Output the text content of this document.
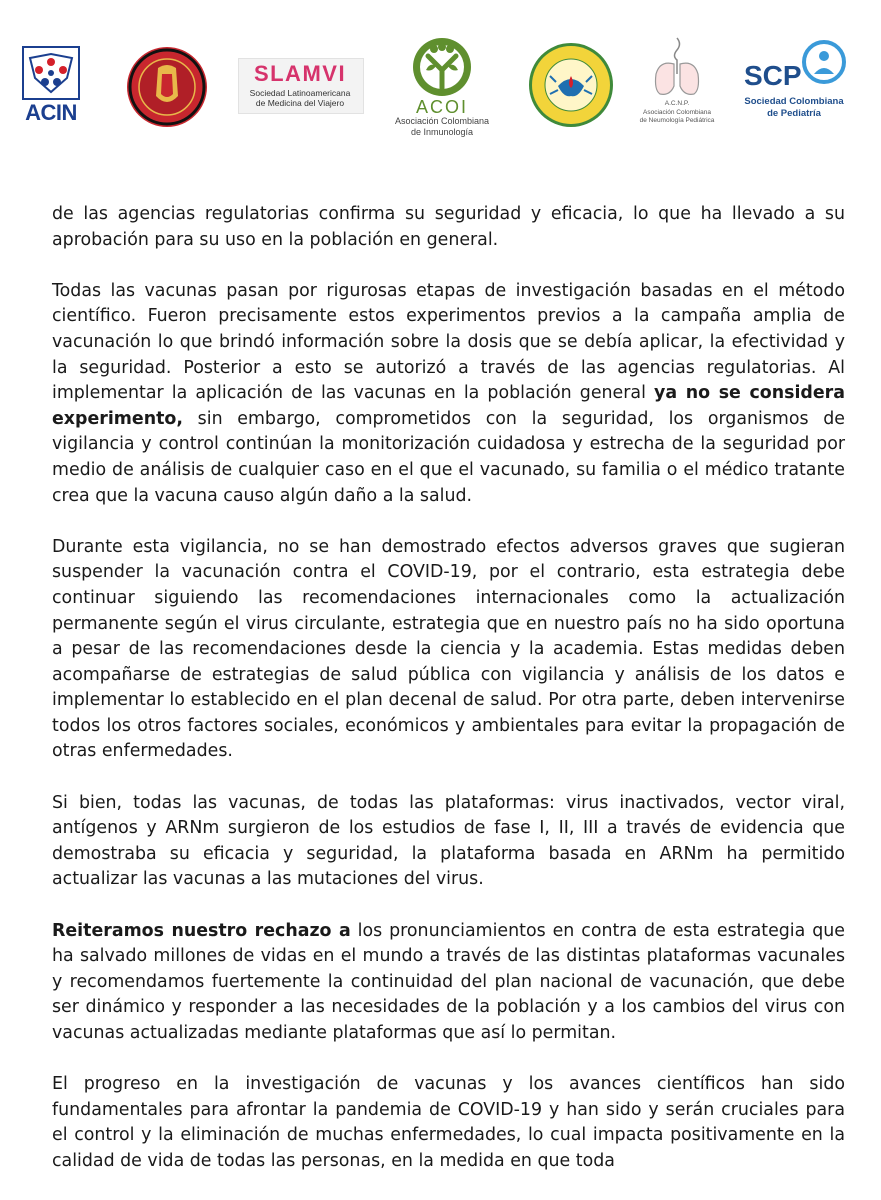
ACIN
SLAMVI
Sociedad Latinoamericana
de Medicina del Viajero	ACOI
Asociación Colombiana
de Inmunología
A.C.N.P.
Asociación Colombiana
de Neumología Pediátrica
SCP
Sociedad Colombiana
de Pediatría

de las agencias regulatorias confirma su seguridad y eficacia, lo que ha llevado a su aprobación para su uso en la población en general.

Todas las vacunas pasan por rigurosas etapas de investigación basadas en el método científico. Fueron precisamente estos experimentos previos a la campaña amplia de vacunación lo que brindó información sobre la dosis que se debía aplicar, la efectividad y la seguridad. Posterior a esto se autorizó a través de las agencias regulatorias. Al implementar la aplicación de las vacunas en la población general ya no se considera experimento, sin embargo, comprometidos con la seguridad, los organismos de vigilancia y control continúan la monitorización cuidadosa y estrecha de la seguridad por medio de análisis de cualquier caso en el que el vacunado, su familia o el médico tratante crea que la vacuna causo algún daño a la salud.

Durante esta vigilancia, no se han demostrado efectos adversos graves que sugieran suspender la vacunación contra el COVID-19, por el contrario, esta estrategia debe continuar siguiendo las recomendaciones internacionales como la actualización permanente según el virus circulante, estrategia que en nuestro país no ha sido oportuna a pesar de las recomendaciones desde la ciencia y la academia. Estas medidas deben acompañarse de estrategias de salud pública con vigilancia y análisis de los datos e implementar lo establecido en el plan decenal de salud. Por otra parte, deben intervenirse todos los otros factores sociales, económicos y ambientales para evitar la propagación de otras enfermedades.

Si bien, todas las vacunas, de todas las plataformas: virus inactivados, vector viral, antígenos y ARNm surgieron de los estudios de fase I, II, III a través de evidencia que demostraba su eficacia y seguridad, la plataforma basada en ARNm ha permitido actualizar las vacunas a las mutaciones del virus.

Reiteramos nuestro rechazo a los pronunciamientos en contra de esta estrategia que ha salvado millones de vidas en el mundo a través de las distintas plataformas vacunales y recomendamos fuertemente la continuidad del plan nacional de vacunación, que debe ser dinámico y responder a las necesidades de la población y a los cambios del virus con vacunas actualizadas mediante plataformas que así lo permitan.

El progreso en la investigación de vacunas y los avances científicos han sido fundamentales para afrontar la pandemia de COVID-19 y han sido y serán cruciales para el control y la eliminación de muchas enfermedades, lo cual impacta positivamente en la calidad de vida de todas las personas, en la medida en que toda
